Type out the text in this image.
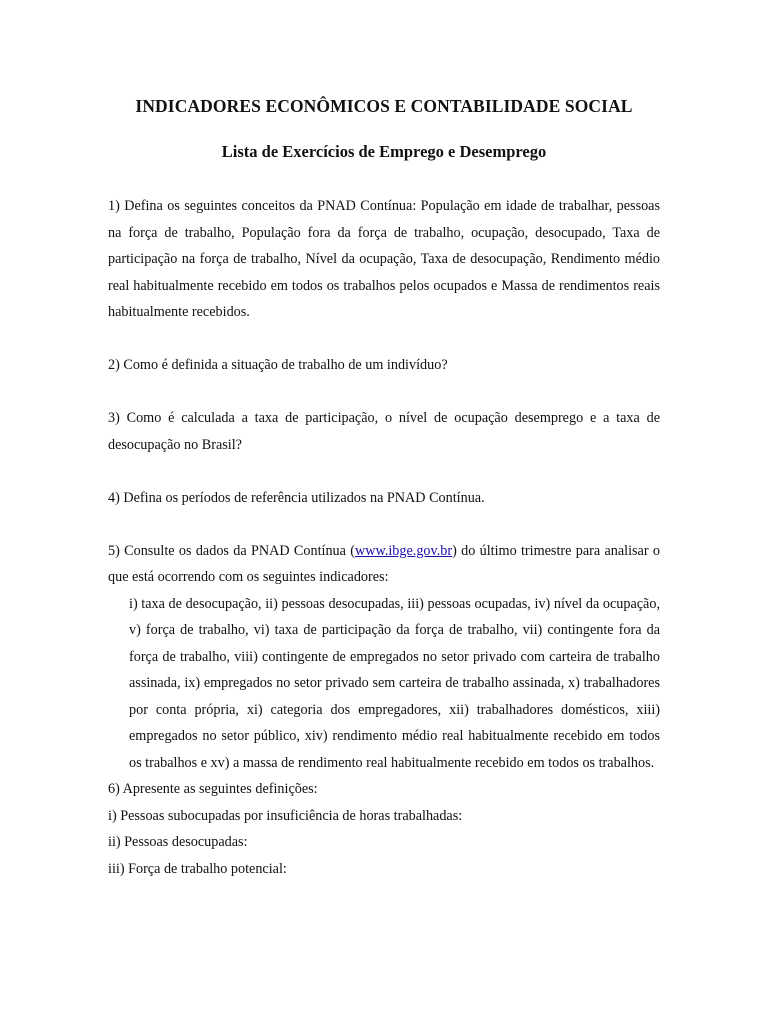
INDICADORES ECONÔMICOS E CONTABILIDADE SOCIAL
Lista de Exercícios de Emprego e Desemprego

1) Defina os seguintes conceitos da PNAD Contínua: População em idade de trabalhar, pessoas na força de trabalho, População fora da força de trabalho, ocupação, desocupado, Taxa de participação na força de trabalho, Nível da ocupação, Taxa de desocupação, Rendimento médio real habitualmente recebido em todos os trabalhos pelos ocupados e Massa de rendimentos reais habitualmente recebidos.

2) Como é definida a situação de trabalho de um indivíduo?

3) Como é calculada a taxa de participação, o nível de ocupação desemprego e a taxa de desocupação no Brasil?

4) Defina os períodos de referência utilizados na PNAD Contínua.

5) Consulte os dados da PNAD Contínua (www.ibge.gov.br) do último trimestre para analisar o que está ocorrendo com os seguintes indicadores:

i) taxa de desocupação, ii) pessoas desocupadas, iii) pessoas ocupadas, iv) nível da ocupação, v) força de trabalho, vi) taxa de participação da força de trabalho, vii) contingente fora da força de trabalho, viii) contingente de empregados no setor privado com carteira de trabalho assinada, ix) empregados no setor privado sem carteira de trabalho assinada, x) trabalhadores por conta própria, xi) categoria dos empregadores, xii) trabalhadores domésticos, xiii) empregados no setor público, xiv) rendimento médio real habitualmente recebido em todos os trabalhos e xv) a massa de rendimento real habitualmente recebido em todos os trabalhos.

6) Apresente as seguintes definições:

i) Pessoas subocupadas por insuficiência de horas trabalhadas:

ii) Pessoas desocupadas:

iii) Força de trabalho potencial:
